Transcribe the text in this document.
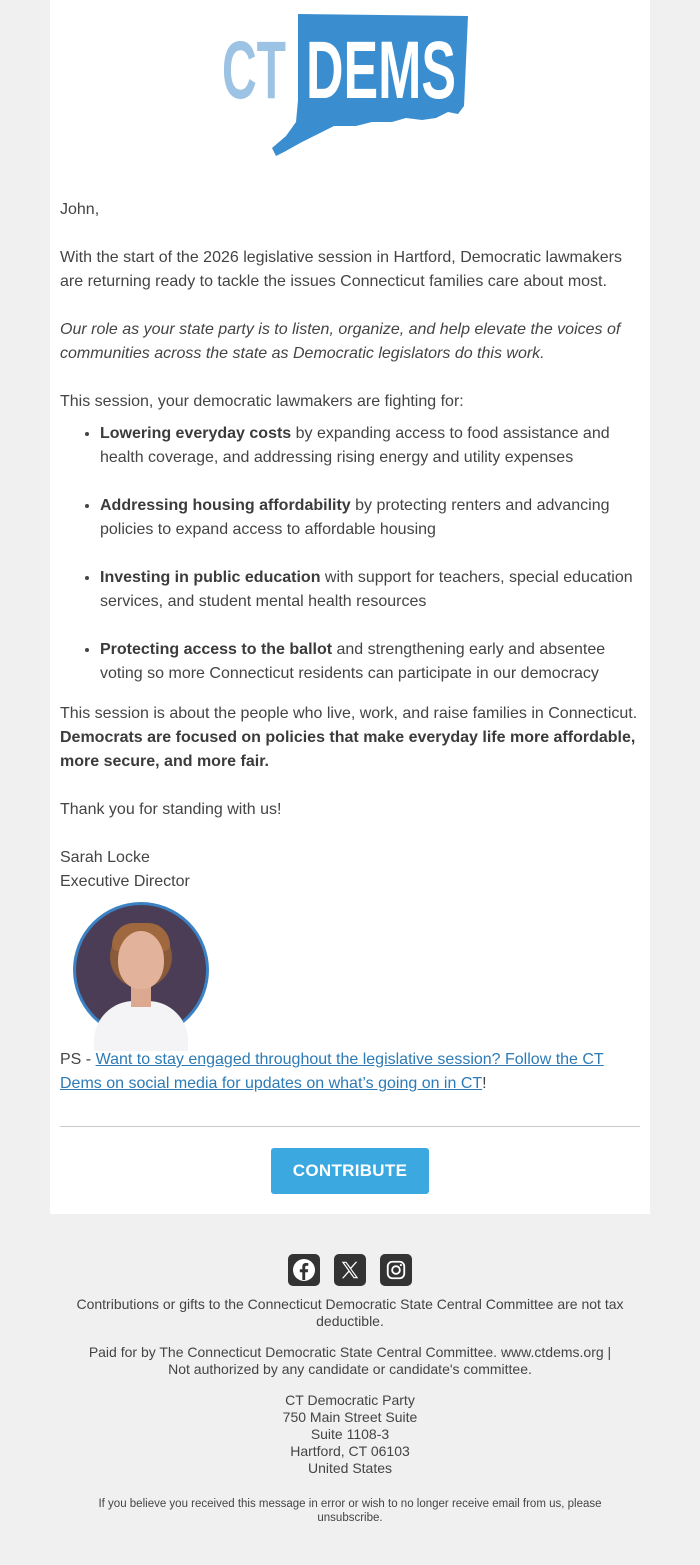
CT DEMS

John,

With the start of the 2026 legislative session in Hartford, Democratic lawmakers are returning ready to tackle the issues Connecticut families care about most.

Our role as your state party is to listen, organize, and help elevate the voices of communities across the state as Democratic legislators do this work.

This session, your democratic lawmakers are fighting for:

• Lowering everyday costs by expanding access to food assistance and health coverage, and addressing rising energy and utility expenses
• Addressing housing affordability by protecting renters and advancing policies to expand access to affordable housing
• Investing in public education with support for teachers, special education services, and student mental health resources
• Protecting access to the ballot and strengthening early and absentee voting so more Connecticut residents can participate in our democracy

This session is about the people who live, work, and raise families in Connecticut. Democrats are focused on policies that make everyday life more affordable, more secure, and more fair.

Thank you for standing with us!

Sarah Locke
Executive Director

PS - Want to stay engaged throughout the legislative session? Follow the CT Dems on social media for updates on what’s going on in CT!

CONTRIBUTE

Contributions or gifts to the Connecticut Democratic State Central Committee are not tax deductible.

Paid for by The Connecticut Democratic State Central Committee. www.ctdems.org | Not authorized by any candidate or candidate's committee.

CT Democratic Party
750 Main Street Suite
Suite 1108-3
Hartford, CT 06103
United States

If you believe you received this message in error or wish to no longer receive email from us, please unsubscribe.
